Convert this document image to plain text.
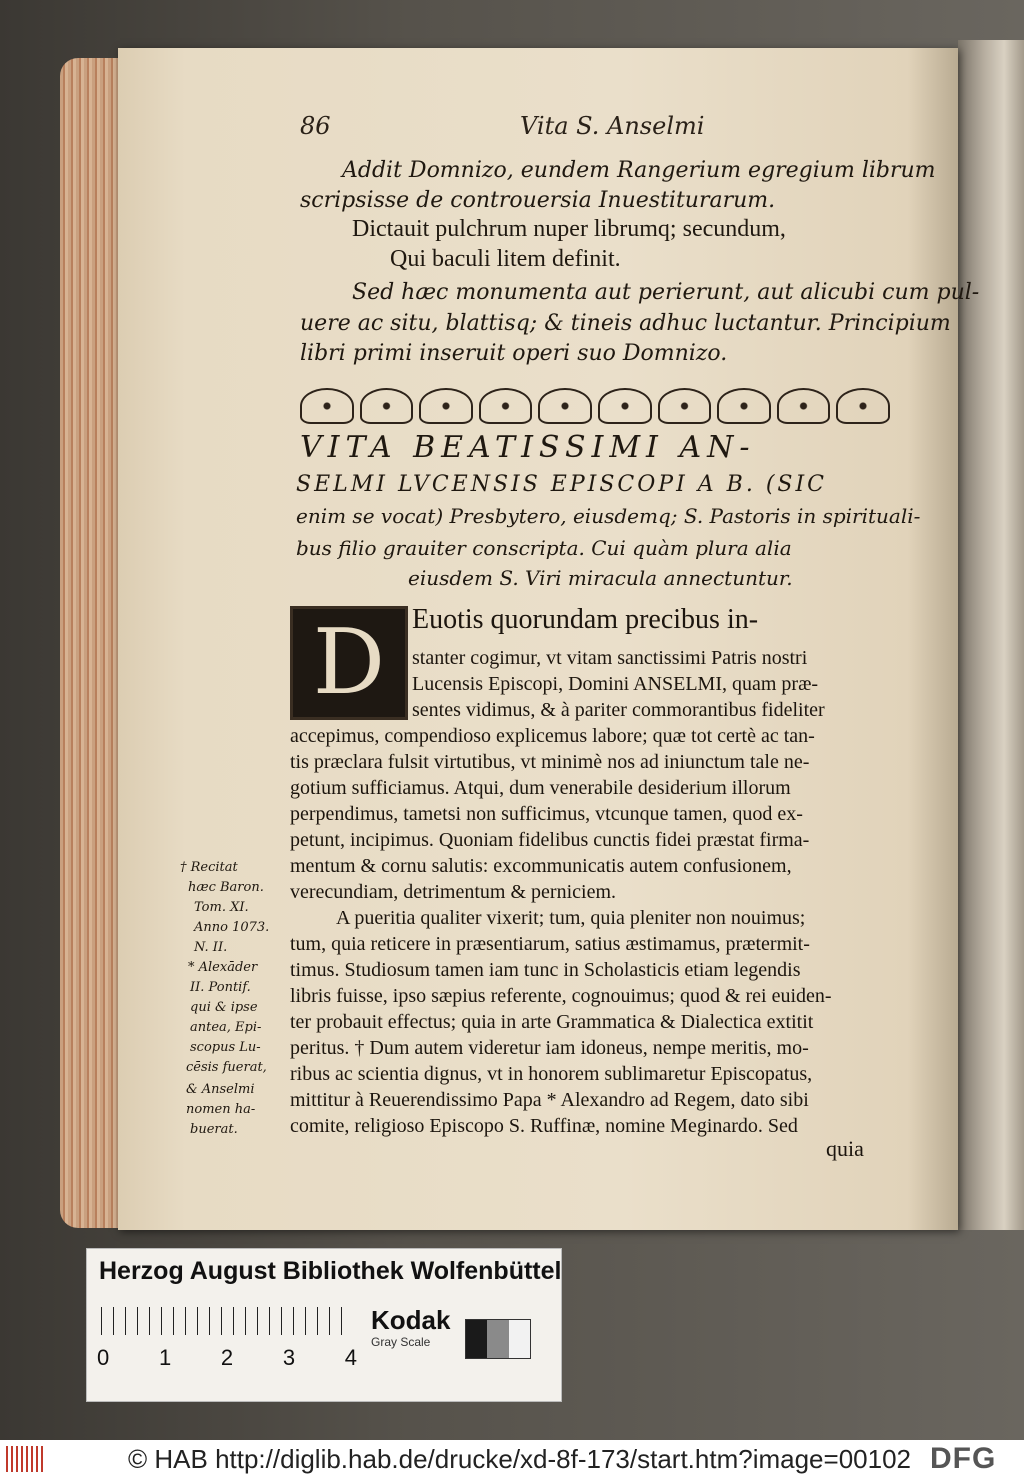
86	Vita S. Anselmi
Addit Domnizo, eundem Rangerium egregium librum
scripsisse de controuersia Inuestiturarum.
Dictauit pulchrum nuper librumq; secundum,
Qui baculi litem definit.
Sed hæc monumenta aut perierunt, aut alicubi cum pul-
uere ac situ, blattisq; & tineis adhuc luctantur. Principium
libri primi inseruit operi suo Domnizo.
VITA BEATISSIMI AN-
SELMI LVCENSIS EPISCOPI A B. (SIC
enim se vocat) Presbytero, eiusdemq; S. Pastoris in spirituali-
bus filio grauiter conscripta. Cui quàm plura alia
eiusdem S. Viri miracula annectuntur.
D Euotis quorundam precibus in-
stanter cogimur, vt vitam sanctissimi Patris nostri
Lucensis Episcopi, Domini ANSELMI, quam præ-
sentes vidimus, & à pariter commorantibus fideliter
accepimus, compendioso explicemus labore; quæ tot certè ac tan-
tis præclara fulsit virtutibus, vt minimè nos ad iniunctum tale ne-
gotium sufficiamus. Atqui, dum venerabile desiderium illorum
perpendimus, tametsi non sufficimus, vtcunque tamen, quod ex-
petunt, incipimus. Quoniam fidelibus cunctis fidei præstat firma-
mentum & cornu salutis: excommunicatis autem confusionem,
verecundiam, detrimentum & perniciem.
A pueritia qualiter vixerit; tum, quia pleniter non nouimus;
tum, quia reticere in præsentiarum, satius æstimamus, prætermit-
timus. Studiosum tamen iam tunc in Scholasticis etiam legendis
libris fuisse, ipso sæpius referente, cognouimus; quod & rei euiden-
ter probauit effectus; quia in arte Grammatica & Dialectica extitit
peritus. † Dum autem videretur iam idoneus, nempe meritis, mo-
ribus ac scientia dignus, vt in honorem sublimaretur Episcopatus,
mittitur à Reuerendissimo Papa * Alexandro ad Regem, dato sibi
comite, religioso Episcopo S. Ruffinæ, nomine Meginardo. Sed
quia
† Recitat
hæc Baron.
Tom. XI.
Anno 1073.
N. II.
* Alexāder
II. Pontif.
qui & ipse
antea, Epi-
scopus Lu-
cēsis fuerat,
& Anselmi
nomen ha-
buerat.
Herzog August Bibliothek Wolfenbüttel
0 1 2 3 4
Kodak
Gray Scale
© HAB http://diglib.hab.de/drucke/xd-8f-173/start.htm?image=00102 DFG
